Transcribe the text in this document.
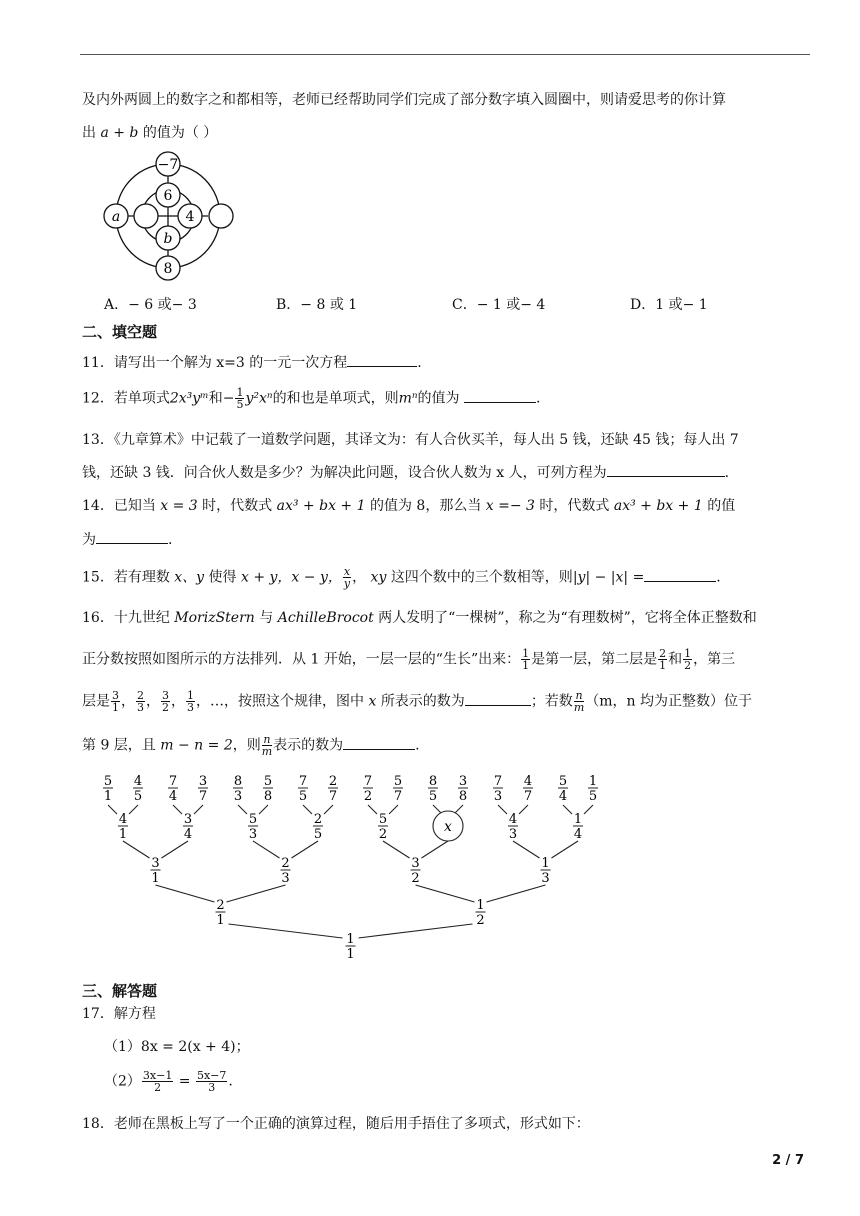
及内外两圆上的数字之和都相等，老师已经帮助同学们完成了部分数字填入圆圈中，则请爱思考的你计算
出 a + b 的值为（ ）
−7
6
a	4
b
8
A．− 6 或− 3	B．− 8 或 1	C．− 1 或− 4	D．1 或− 1
二、填空题
11．请写出一个解为 x=3 的一元一次方程	.
12．若单项式2x³yᵐ和− $\frac{1}{5} y^2x^n$的和也是单项式，则mⁿ的值为	.
13．《九章算术》中记载了一道数学问题，其译文为：有人合伙买羊，每人出 5 钱，还缺 45 钱；每人出 7
钱，还缺 3 钱．问合伙人数是多少？为解决此问题，设合伙人数为 x 人，可列方程为	.
14．已知当 x = 3 时，代数式 ax³ + bx + 1 的值为 8，那么当 x =− 3 时，代数式 ax³ + bx + 1 的值
为	.
15．若有理数 x、y 使得 x + y，x − y， $\frac{x}{y}$ ， xy 这四个数中的三个数相等，则|y| − |x| =	.
16．十九世纪 MorizStern 与 AchilleBrocot 两人发明了“一棵树”，称之为“有理数树”，它将全体正整数和
正分数按照如图所示的方法排列．从 1 开始，一层一层的“生长”出来： $\frac{1}{1}$ 是第一层，第二层是 $\frac{2}{1}$ 和 $\frac{1}{2}$ ，第三
层是 $\frac{3}{1}$ ， $\frac{2}{3}$ ， $\frac{3}{2}$ ， $\frac{1}{3}$ ，…，按照这个规律，图中 x 所表示的数为	；若数 $\frac{n}{m} (m$，n 均为正整数）位于
第 9 层，且 m − n = 2，则 $\frac{n}{m}$ 表示的数为	.
5
1
4
5
7
4
3
7
8
3
5
8
7
5
2
7
7
2
5
7
8
5
3
8
7
3
4
7
5
4
1
5
4
1
3
4
5
3
2
5
5
2	x	4
3
1
4
3
1
2
3
3
2
1
3
2
1
1
2
1
1
三、解答题
17．解方程
（1）8x = 2(x + 4)；
$(2) \frac{3x-1}{2} = \frac{5x-7}{3}$ .
18．老师在黑板上写了一个正确的演算过程，随后用手捂住了多项式，形式如下：
2 / 7
